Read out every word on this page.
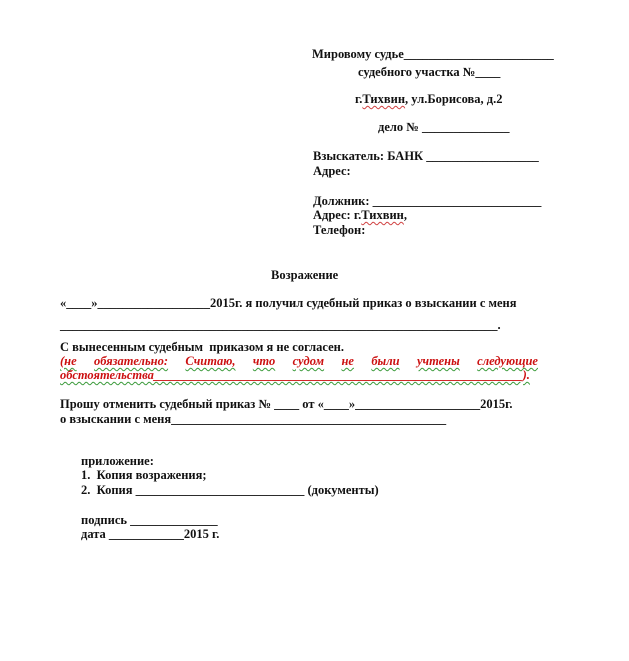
Мировому судье________________________
судебного участка №____
г.Тихвин, ул.Борисова, д.2
дело № ______________
Взыскатель: БАНК __________________
Адрес:
Должник: ___________________________
Адрес: г.Тихвин,
Телефон:
Возражение
«____»__________________2015г. я получил судебный приказ о взыскании с меня
______________________________________________________________________.
С вынесенным судебным  приказом я не согласен.
(не обязательно: Считаю, что судом не были учтены следующие
обстоятельства___________________________________________________________).
Прошу отменить судебный приказ № ____ от «____»____________________2015г.
о взыскании с меня____________________________________________
приложение:
1.  Копия возражения;
2.  Копия ___________________________ (документы)
подпись ______________
дата ____________2015 г.
